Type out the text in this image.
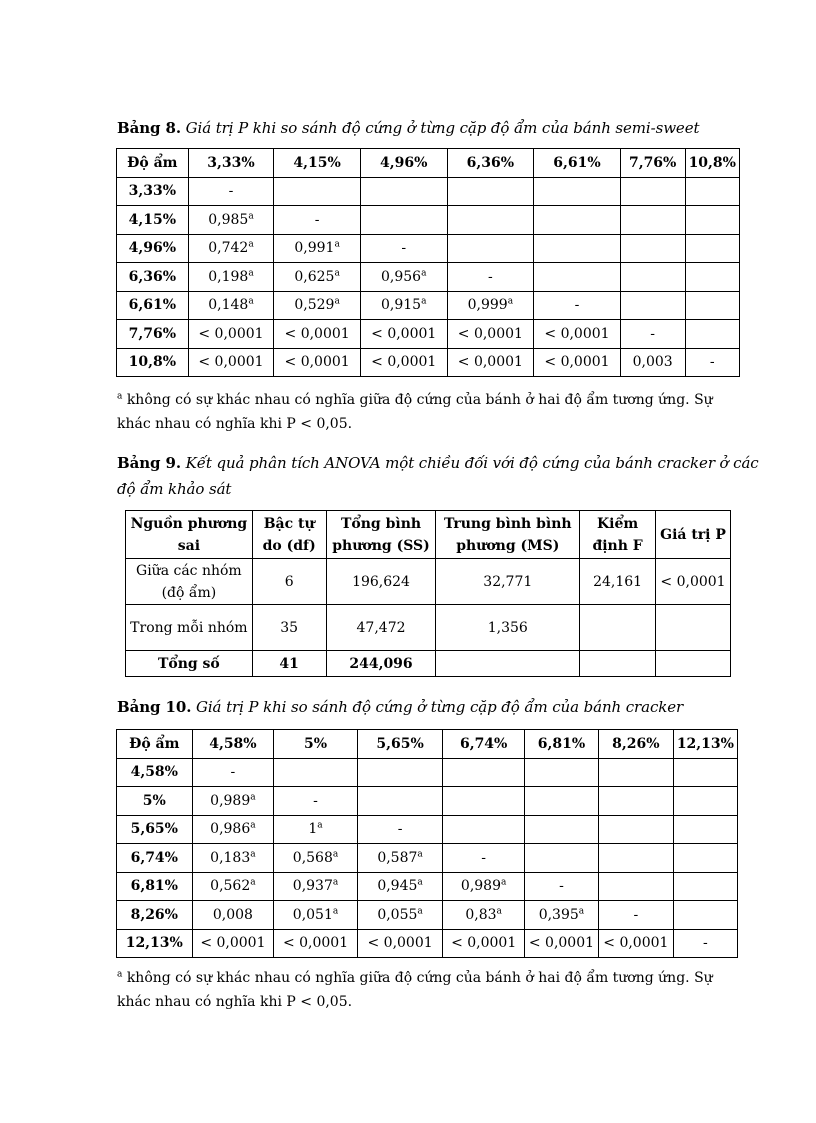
Bảng 8. Giá trị P khi so sánh độ cứng ở từng cặp độ ẩm của bánh semi-sweet
Độ ẩm	3,33%	4,15%	4,96%	6,36%	6,61%	7,76%	10,8%
3,33%	-						
4,15%	0,985$^a$	-					
4,96%	0,742$^a$	0,991$^a$	-				
6,36%	0,198$^a$	0,625$^a$	0,956$^a$	-			
6,61%	0,148$^a$	0,529$^a$	0,915$^a$	0,999$^a$	-		
7,76%	< 0,0001	< 0,0001	< 0,0001	< 0,0001	< 0,0001	-	
10,8%	< 0,0001	< 0,0001	< 0,0001	< 0,0001	< 0,0001	0,003	-
$^a$ không có sự khác nhau có nghĩa giữa độ cứng của bánh ở hai độ ẩm tương ứng. Sự
khác nhau có nghĩa khi P < 0,05.
Bảng 9. Kết quả phân tích ANOVA một chiều đối với độ cứng của bánh cracker ở các
độ ẩm khảo sát
Nguồn phương sai	Bậc tự do (df)	Tổng bình phương (SS)	Trung bình bình phương (MS)	Kiểm định F	Giá trị P
Giữa các nhóm (độ ẩm)	6	196,624	32,771	24,161	< 0,0001
Trong mỗi nhóm	35	47,472	1,356		
Tổng số	41	244,096			
Bảng 10. Giá trị P khi so sánh độ cứng ở từng cặp độ ẩm của bánh cracker
Độ ẩm	4,58%	5%	5,65%	6,74%	6,81%	8,26%	12,13%
4,58%	-						
5%	0,989$^a$	-					
5,65%	0,986$^a$	1$^a$	-				
6,74%	0,183$^a$	0,568$^a$	0,587$^a$	-			
6,81%	0,562$^a$	0,937$^a$	0,945$^a$	0,989$^a$	-		
8,26%	0,008	0,051$^a$	0,055$^a$	0,83$^a$	0,395$^a$	-	
12,13%	< 0,0001	< 0,0001	< 0,0001	< 0,0001	< 0,0001	< 0,0001	-
$^a$ không có sự khác nhau có nghĩa giữa độ cứng của bánh ở hai độ ẩm tương ứng. Sự
khác nhau có nghĩa khi P < 0,05.
